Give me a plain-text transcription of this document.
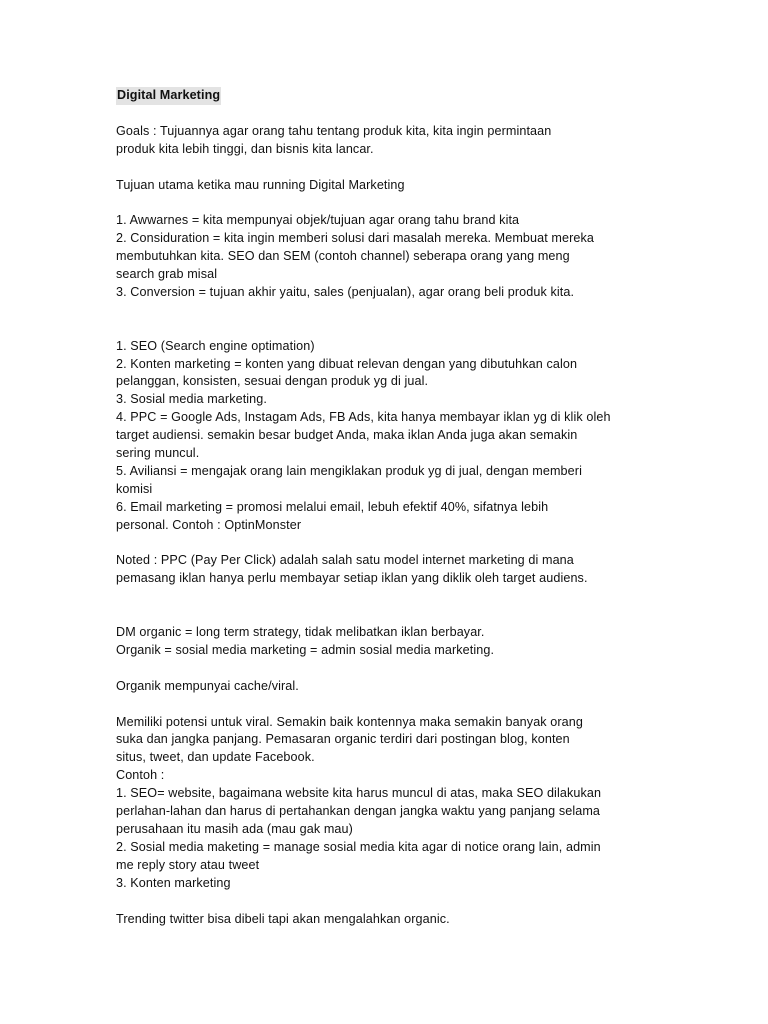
Digital Marketing
Goals : Tujuannya agar orang tahu tentang produk kita, kita ingin permintaan
produk kita lebih tinggi, dan bisnis kita lancar.
Tujuan utama ketika mau running Digital Marketing
1. Awwarnes = kita mempunyai objek/tujuan agar orang tahu brand kita
2. Considuration = kita ingin memberi solusi dari masalah mereka. Membuat mereka
membutuhkan kita. SEO dan SEM (contoh channel) seberapa orang yang meng
search grab misal
3. Conversion = tujuan akhir yaitu, sales (penjualan), agar orang beli produk kita.
1. SEO (Search engine optimation)
2. Konten marketing = konten yang dibuat relevan dengan yang dibutuhkan calon
pelanggan, konsisten, sesuai dengan produk yg di jual.
3. Sosial media marketing.
4. PPC = Google Ads, Instagam Ads, FB Ads, kita hanya membayar iklan yg di klik oleh
target audiensi. semakin besar budget Anda, maka iklan Anda juga akan semakin
sering muncul.
5. Aviliansi = mengajak orang lain mengiklakan produk yg di jual, dengan memberi
komisi
6. Email marketing = promosi melalui email, lebuh efektif 40%, sifatnya lebih
personal. Contoh : OptinMonster
Noted : PPC (Pay Per Click) adalah salah satu model internet marketing di mana
pemasang iklan hanya perlu membayar setiap iklan yang diklik oleh target audiens.
DM organic = long term strategy, tidak melibatkan iklan berbayar.
Organik = sosial media marketing = admin sosial media marketing.
Organik mempunyai cache/viral.
Memiliki potensi untuk viral. Semakin baik kontennya maka semakin banyak orang
suka dan jangka panjang. Pemasaran organic terdiri dari postingan blog, konten
situs, tweet, dan update Facebook.
Contoh :
1. SEO= website, bagaimana website kita harus muncul di atas, maka SEO dilakukan
perlahan-lahan dan harus di pertahankan dengan jangka waktu yang panjang selama
perusahaan itu masih ada (mau gak mau)
2. Sosial media maketing = manage sosial media kita agar di notice orang lain, admin
me reply story atau tweet
3. Konten marketing
Trending twitter bisa dibeli tapi akan mengalahkan organic.
